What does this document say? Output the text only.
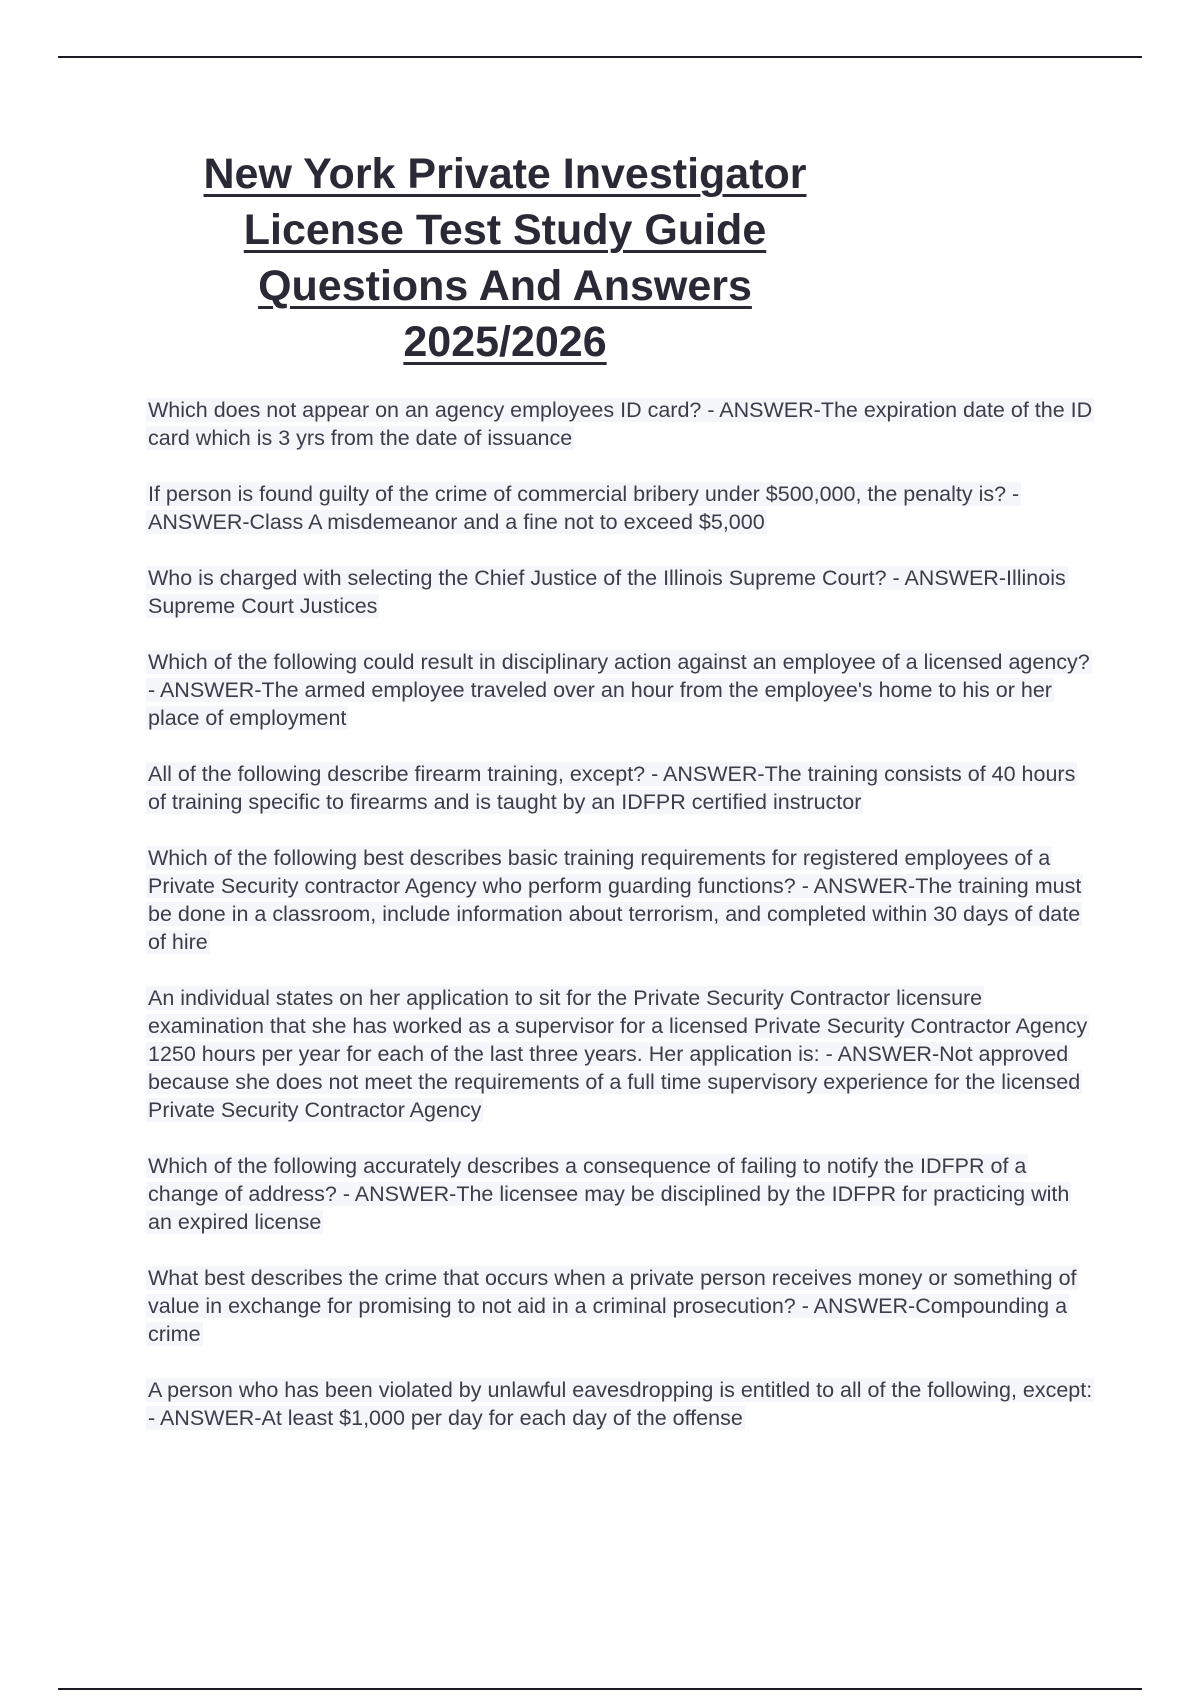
New York Private Investigator
License Test Study Guide
Questions And Answers
2025/2026
Which does not appear on an agency employees ID card? - ANSWER-The expiration date of the ID card which is 3 yrs from the date of issuance
If person is found guilty of the crime of commercial bribery under $500,000, the penalty is? - ANSWER-Class A misdemeanor and a fine not to exceed $5,000
Who is charged with selecting the Chief Justice of the Illinois Supreme Court? - ANSWER-Illinois Supreme Court Justices
Which of the following could result in disciplinary action against an employee of a licensed agency? - ANSWER-The armed employee traveled over an hour from the employee's home to his or her place of employment
All of the following describe firearm training, except? - ANSWER-The training consists of 40 hours of training specific to firearms and is taught by an IDFPR certified instructor
Which of the following best describes basic training requirements for registered employees of a Private Security contractor Agency who perform guarding functions? - ANSWER-The training must be done in a classroom, include information about terrorism, and completed within 30 days of date of hire
An individual states on her application to sit for the Private Security Contractor licensure examination that she has worked as a supervisor for a licensed Private Security Contractor Agency 1250 hours per year for each of the last three years. Her application is: - ANSWER-Not approved because she does not meet the requirements of a full time supervisory experience for the licensed Private Security Contractor Agency
Which of the following accurately describes a consequence of failing to notify the IDFPR of a change of address? - ANSWER-The licensee may be disciplined by the IDFPR for practicing with an expired license
What best describes the crime that occurs when a private person receives money or something of value in exchange for promising to not aid in a criminal prosecution? - ANSWER-Compounding a crime
A person who has been violated by unlawful eavesdropping is entitled to all of the following, except: - ANSWER-At least $1,000 per day for each day of the offense
